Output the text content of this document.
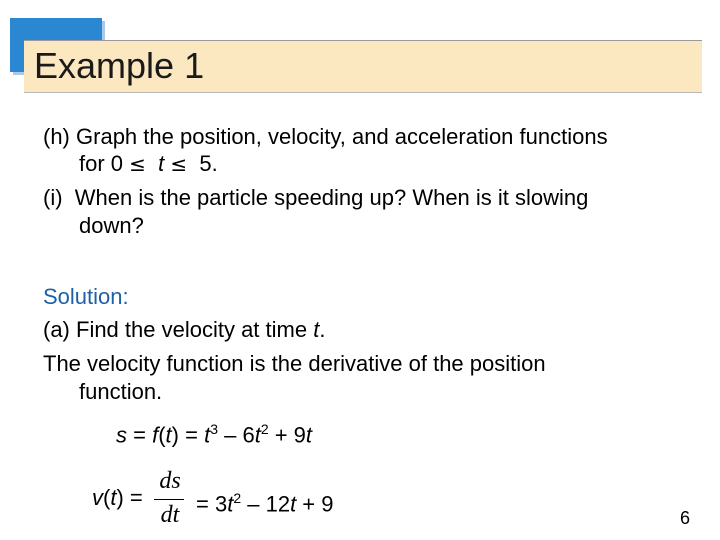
Example 1
(h) Graph the position, velocity, and acceleration functions
for 0 ≤ t ≤ 5.
(i) When is the particle speeding up? When is it slowing
down?
Solution:
(a) Find the velocity at time t.
The velocity function is the derivative of the position
function.
$s = f(t) = t^3 - 6t^2 + 9t$
v(t) =
ds
dt = $3t^2 - 12t + 9$
6
